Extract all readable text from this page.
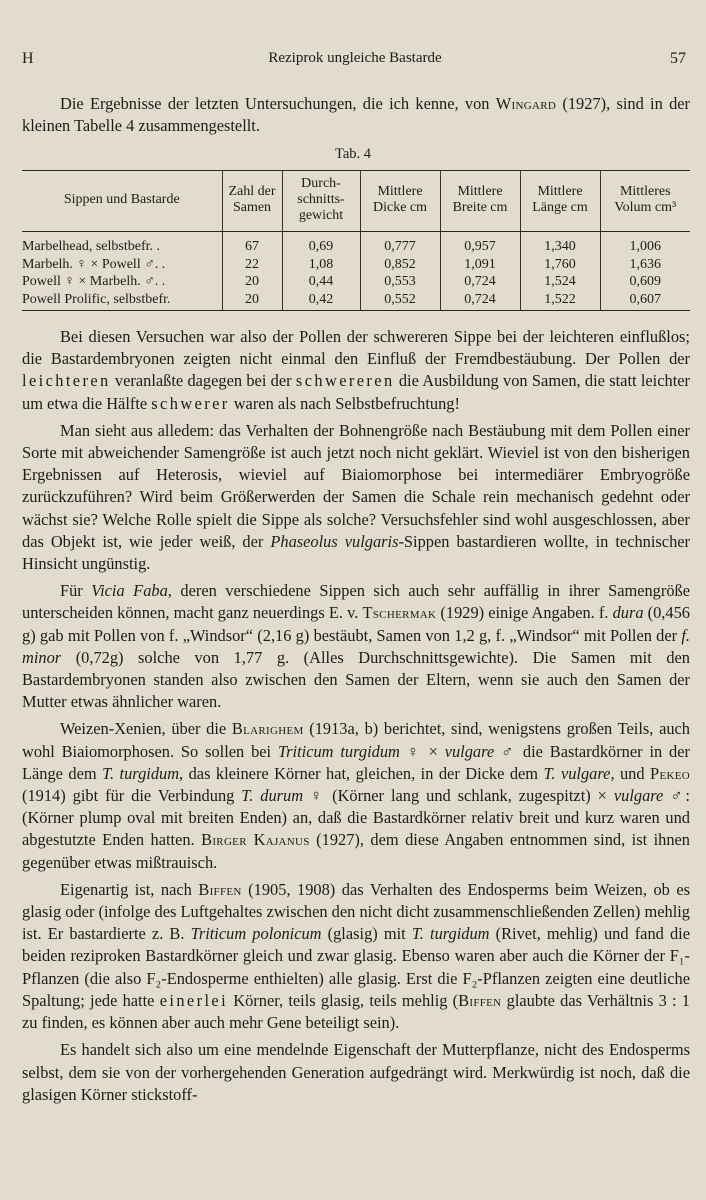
H	Reziprok ungleiche Bastarde	57

Die Ergebnisse der letzten Untersuchungen, die ich kenne, von Wingard (1927), sind in der kleinen Tabelle 4 zusammengestellt.

Tab. 4
Sippen und Bastarde	Zahl der Samen	Durch-schnitts-gewicht	Mittlere Dicke cm	Mittlere Breite cm	Mittlere Länge cm	Mittleres Volum cm³
Marbelhead, selbstbefr. .	67	0,69	0,777	0,957	1,340	1,006
Marbelh. ♀ × Powell ♂. .	22	1,08	0,852	1,091	1,760	1,636
Powell ♀ × Marbelh. ♂. .	20	0,44	0,553	0,724	1,524	0,609
Powell Prolific, selbstbefr.	20	0,42	0,552	0,724	1,522	0,607

Bei diesen Versuchen war also der Pollen der schwereren Sippe bei der leichteren einflußlos; die Bastardembryonen zeigten nicht einmal den Einfluß der Fremdbestäubung. Der Pollen der leichteren veranlaßte dagegen bei der schwereren die Ausbildung von Samen, die statt leichter um etwa die Hälfte schwerer waren als nach Selbstbefruchtung!

Man sieht aus alledem: das Verhalten der Bohnengröße nach Bestäubung mit dem Pollen einer Sorte mit abweichender Samengröße ist auch jetzt noch nicht geklärt. Wieviel ist von den bisherigen Ergebnissen auf Heterosis, wieviel auf Biaiomorphose bei intermediärer Embryogröße zurückzuführen? Wird beim Größerwerden der Samen die Schale rein mechanisch gedehnt oder wächst sie? Welche Rolle spielt die Sippe als solche? Versuchsfehler sind wohl ausgeschlossen, aber das Objekt ist, wie jeder weiß, der Phaseolus vulgaris-Sippen bastardieren wollte, in technischer Hinsicht ungünstig.

Für Vicia Faba, deren verschiedene Sippen sich auch sehr auffällig in ihrer Samengröße unterscheiden können, macht ganz neuerdings E. v. Tschermak (1929) einige Angaben. f. dura (0,456 g) gab mit Pollen von f. „Windsor“ (2,16 g) bestäubt, Samen von 1,2 g, f. „Windsor“ mit Pollen der f. minor (0,72g) solche von 1,77 g. (Alles Durchschnittsgewichte). Die Samen mit den Bastardembryonen standen also zwischen den Samen der Eltern, wenn sie auch den Samen der Mutter etwas ähnlicher waren.

Weizen-Xenien, über die Blarighem (1913a, b) berichtet, sind, wenigstens großen Teils, auch wohl Biaiomorphosen. So sollen bei Triticum turgidum ♀ × vulgare ♂ die Bastardkörner in der Länge dem T. turgidum, das kleinere Körner hat, gleichen, in der Dicke dem T. vulgare, und Pekeo (1914) gibt für die Verbindung T. durum ♀ (Körner lang und schlank, zugespitzt) × vulgare ♂: (Körner plump oval mit breiten Enden) an, daß die Bastardkörner relativ breit und kurz waren und abgestutzte Enden hatten. Birger Kajanus (1927), dem diese Angaben entnommen sind, ist ihnen gegenüber etwas mißtrauisch.

Eigenartig ist, nach Biffen (1905, 1908) das Verhalten des Endosperms beim Weizen, ob es glasig oder (infolge des Luftgehaltes zwischen den nicht dicht zusammenschließenden Zellen) mehlig ist. Er bastardierte z. B. Triticum polonicum (glasig) mit T. turgidum (Rivet, mehlig) und fand die beiden reziproken Bastardkörner gleich und zwar glasig. Ebenso waren aber auch die Körner der F₁-Pflanzen (die also F₂-Endosperme enthielten) alle glasig. Erst die F₂-Pflanzen zeigten eine deutliche Spaltung; jede hatte einerlei Körner, teils glasig, teils mehlig (Biffen glaubte das Verhältnis 3 : 1 zu finden, es können aber auch mehr Gene beteiligt sein).

Es handelt sich also um eine mendelnde Eigenschaft der Mutterpflanze, nicht des Endosperms selbst, dem sie von der vorhergehenden Generation aufgedrängt wird. Merkwürdig ist noch, daß die glasigen Körner stickstoff-
